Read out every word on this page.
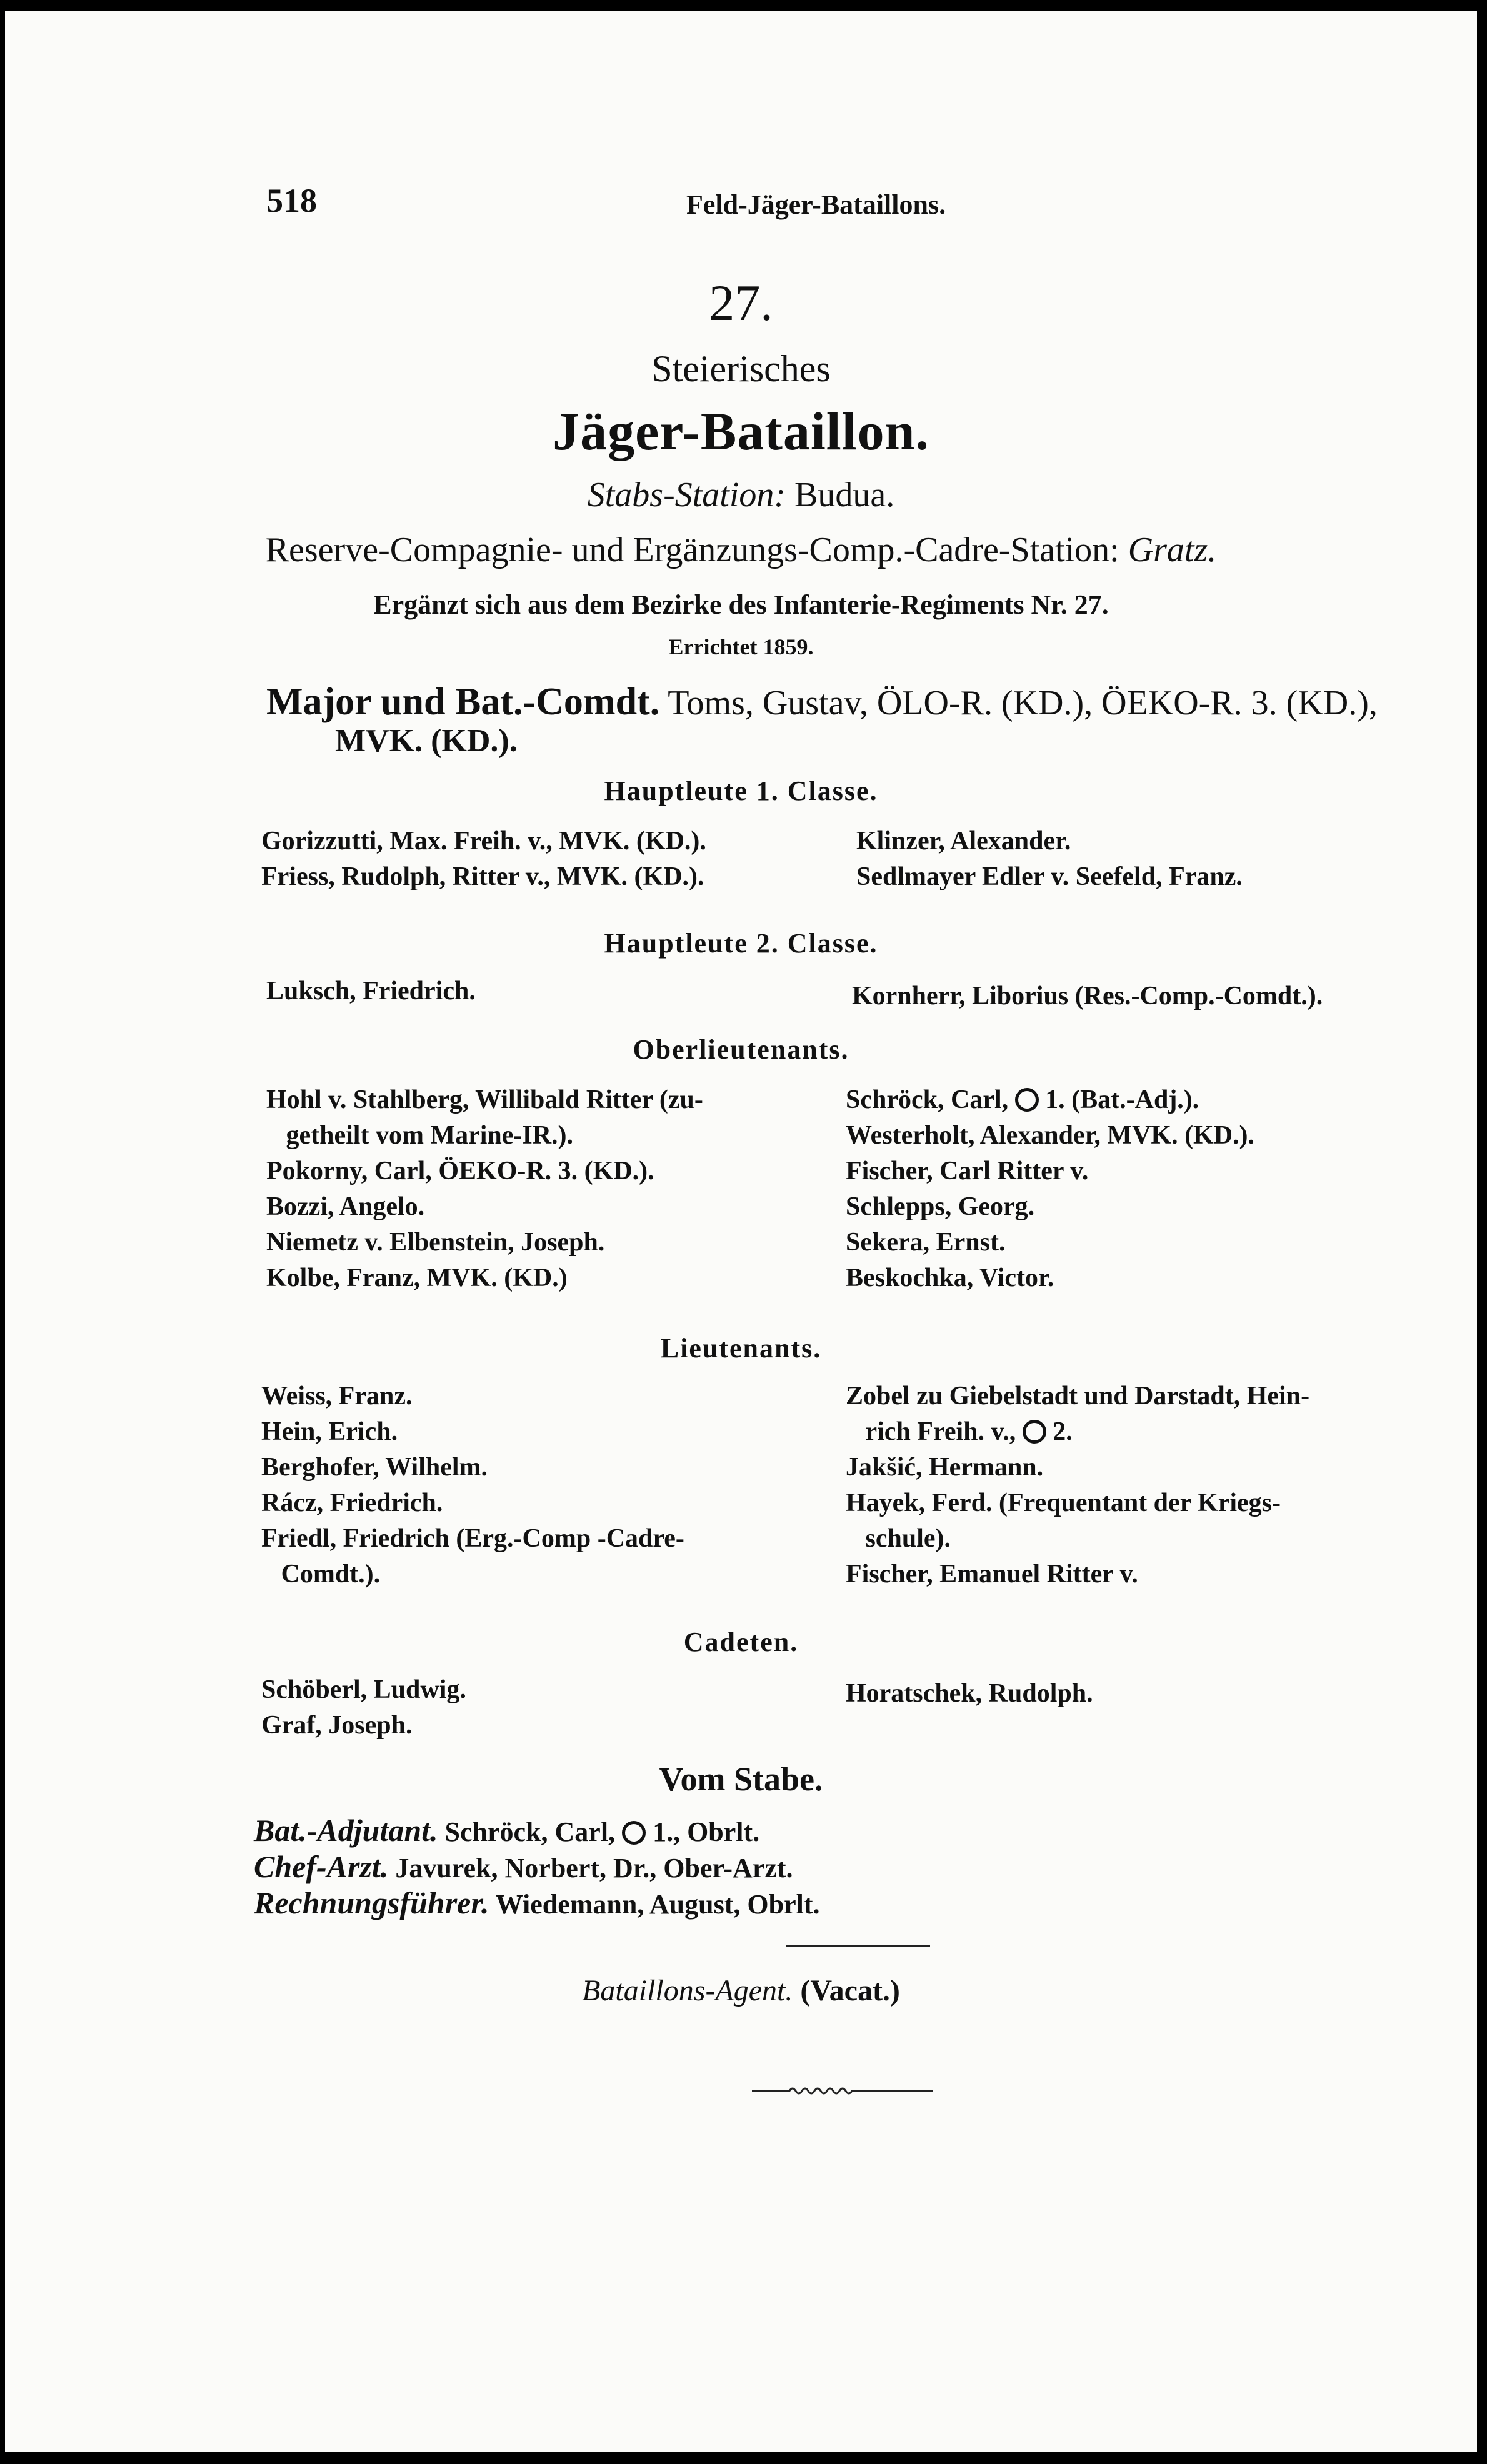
518	Feld-Jäger-Bataillons.
27.
Steierisches
Jäger-Bataillon.
Stabs-Station: Budua.
Reserve-Compagnie- und Ergänzungs-Comp.-Cadre-Station: Gratz.
Ergänzt sich aus dem Bezirke des Infanterie-Regiments Nr. 27.
Errichtet 1859.
Major und Bat.-Comdt. Toms, Gustav, ÖLO-R. (KD.), ÖEKO-R. 3. (KD.),
MVK. (KD.).
Hauptleute 1. Classe.
Gorizzutti, Max. Freih. v., MVK. (KD.).
Friess, Rudolph, Ritter v., MVK. (KD.).
Klinzer, Alexander.
Sedlmayer Edler v. Seefeld, Franz.
Hauptleute 2. Classe.
Luksch, Friedrich.	Kornherr, Liborius (Res.-Comp.-Comdt.).
Oberlieutenants.
Hohl v. Stahlberg, Willibald Ritter (zu-
getheilt vom Marine-IR.).
Pokorny, Carl, ÖEKO-R. 3. (KD.).
Bozzi, Angelo.
Niemetz v. Elbenstein, Joseph.
Kolbe, Franz, MVK. (KD.)
Schröck, Carl, 1. (Bat.-Adj.).
Westerholt, Alexander, MVK. (KD.).
Fischer, Carl Ritter v.
Schlepps, Georg.
Sekera, Ernst.
Beskochka, Victor.
Lieutenants.
Weiss, Franz.
Hein, Erich.
Berghofer, Wilhelm.
Rácz, Friedrich.
Friedl, Friedrich (Erg.-Comp -Cadre-
Comdt.).
Zobel zu Giebelstadt und Darstadt, Hein-
rich Freih. v., 2.
Jakšić, Hermann.
Hayek, Ferd. (Frequentant der Kriegs-
schule).
Fischer, Emanuel Ritter v.
Cadeten.
Schöberl, Ludwig.
Graf, Joseph.
Horatschek, Rudolph.
Vom Stabe.
Bat.-Adjutant. Schröck, Carl, 1., Obrlt.
Chef-Arzt. Javurek, Norbert, Dr., Ober-Arzt.
Rechnungsführer. Wiedemann, August, Obrlt.
Bataillons-Agent. (Vacat.)
